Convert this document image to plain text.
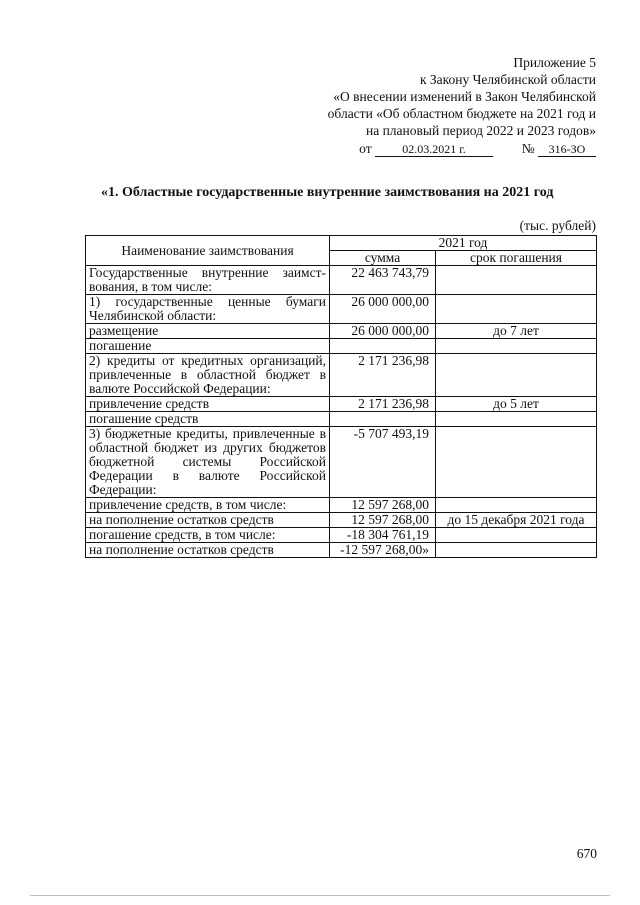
Приложение 5
к Закону Челябинской области
«О внесении изменений в Закон Челябинской
области «Об областном бюджете на 2021 год и
на плановый период 2022 и 2023 годов»
от	02.03.2021 г.	№ 316-ЗО
«1. Областные государственные внутренние заимствования на 2021 год
(тыс. рублей)
Наименование заимствования	2021 год	
	сумма	срок погашения
Государственные внутренние заимст-вования, в том числе:	22 463 743,79	
1) государственные ценные бумаги Челябинской области:	26 000 000,00	
размещение	26 000 000,00	до 7 лет
погашение		
2) кредиты от кредитных организаций, привлеченные в областной бюджет в валюте Российской Федерации:	2 171 236,98	
привлечение средств	2 171 236,98	до 5 лет
погашение средств		
3) бюджетные кредиты, привлеченные в областной бюджет из других бюджетов бюджетной системы Российской Федерации в валюте Российской Федерации:	-5 707 493,19	
привлечение средств, в том числе:	12 597 268,00	
на пополнение остатков средств	12 597 268,00	до 15 декабря 2021 года
погашение средств, в том числе:	-18 304 761,19	
на пополнение остатков средств	-12 597 268,00»	
670
